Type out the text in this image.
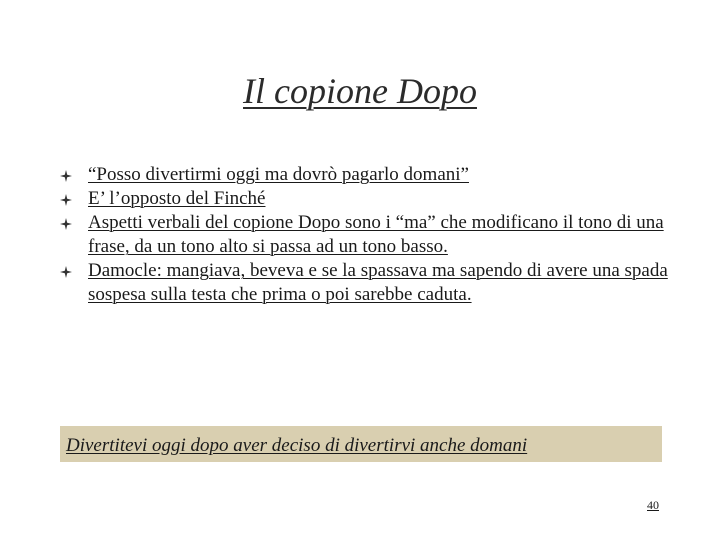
Il copione Dopo
“Posso divertirmi oggi ma dovrò pagarlo domani”
E’ l’opposto del Finché
Aspetti verbali del copione Dopo sono i “ma” che modificano il tono di una frase, da un tono alto si passa ad un tono basso.
Damocle: mangiava, beveva e se la spassava ma sapendo di avere una spada sospesa sulla testa che prima o poi sarebbe caduta.

Divertitevi oggi dopo aver deciso di divertirvi anche domani

40
